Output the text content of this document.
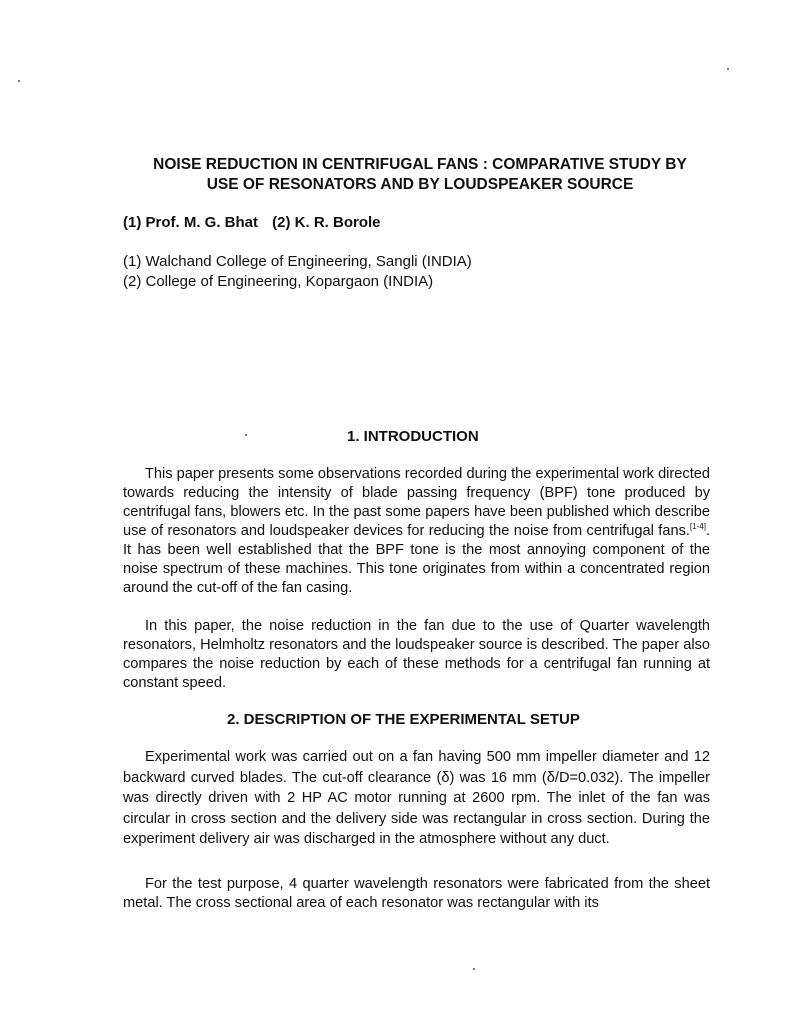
NOISE REDUCTION IN CENTRIFUGAL FANS : COMPARATIVE STUDY BY
USE OF RESONATORS AND BY LOUDSPEAKER SOURCE
(1) Prof. M. G. Bhat (2) K. R. Borole
(1) Walchand College of Engineering, Sangli (INDIA)
(2) College of Engineering, Kopargaon (INDIA)
1. INTRODUCTION
This paper presents some observations recorded during the experimental work directed towards reducing the intensity of blade passing frequency (BPF) tone produced by centrifugal fans, blowers etc. In the past some papers have been published which describe use of resonators and loudspeaker devices for reducing the noise from centrifugal fans.[1-4]. It has been well established that the BPF tone is the most annoying component of the noise spectrum of these machines. This tone originates from within a concentrated region around the cut-off of the fan casing.
In this paper, the noise reduction in the fan due to the use of Quarter wavelength resonators, Helmholtz resonators and the loudspeaker source is described. The paper also compares the noise reduction by each of these methods for a centrifugal fan running at constant speed.
2. DESCRIPTION OF THE EXPERIMENTAL SETUP
Experimental work was carried out on a fan having 500 mm impeller diameter and 12 backward curved blades. The cut-off clearance (δ) was 16 mm (δ/D=0.032). The impeller was directly driven with 2 HP AC motor running at 2600 rpm. The inlet of the fan was circular in cross section and the delivery side was rectangular in cross section. During the experiment delivery air was discharged in the atmosphere without any duct.
For the test purpose, 4 quarter wavelength resonators were fabricated from the sheet metal. The cross sectional area of each resonator was rectangular with its
